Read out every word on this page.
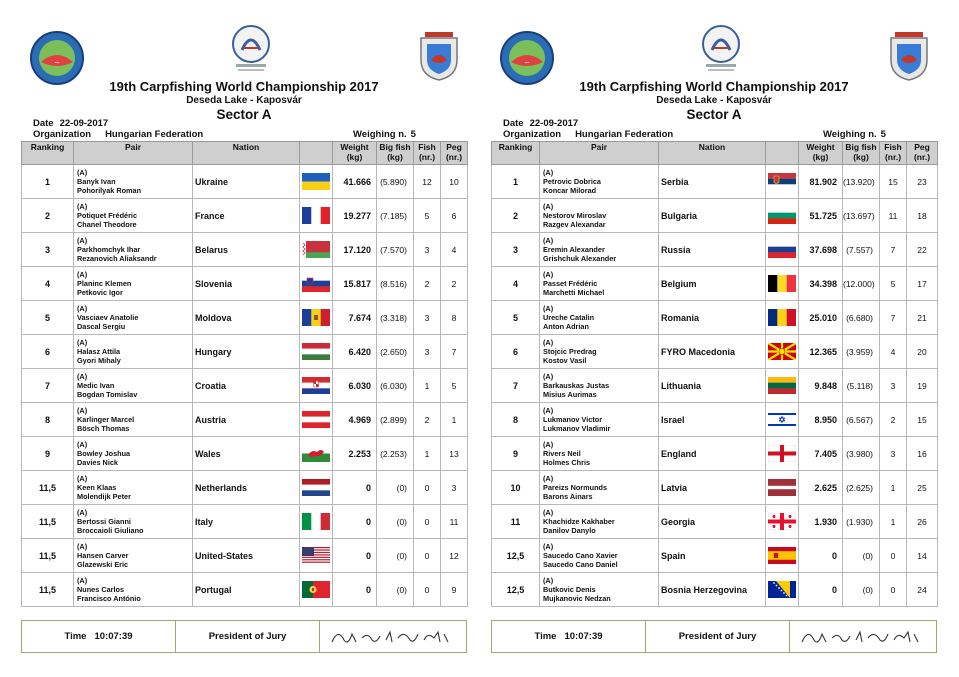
~
19th Carpfishing World Championship 2017
Deseda Lake - Kaposvár
Sector A
Date 22-09-2017
Organization Hungarian Federation	Weighing n. 5
Ranking	Pair	Nation		Weight (kg)	Big fish (kg)	Fish (nr.)	Peg (nr.)
1	(A)
Banyk Ivan
Pohorilyak Roman	Ukraine		41.666	(5.890)	12	10
2	(A)
Potiquet Frédéric
Chanel Theodore	France		19.277	(7.185)	5	6
3	(A)
Parkhomchyk Ihar
Rezanovich Aliaksandr	Belarus		17.120	(7.570)	3	4
4	(A)
Planinc Klemen
Petkovic Igor	Slovenia		15.817	(8.516)	2	2
5	(A)
Vasciaev Anatolie
Dascal Sergiu	Moldova		7.674	(3.318)	3	8
6	(A)
Halasz Attila
Gyori Mihaly	Hungary		6.420	(2.650)	3	7
7	(A)
Medic Ivan
Bogdan Tomislav	Croatia		6.030	(6.030)	1	5
8	(A)
Karlinger Marcel
Bösch Thomas	Austria		4.969	(2.899)	2	1
9	(A)
Bowley Joshua
Davies Nick	Wales		2.253	(2.253)	1	13
11,5	(A)
Keen Klaas
Molendijk Peter	Netherlands		0	(0)	0	3
11,5	(A)
Bertossi Gianni
Broccaioli Giuliano	Italy		0	(0)	0	11
11,5	(A)
Hansen Carver
Glazewski Eric	United-States		0	(0)	0	12
11,5	(A)
Nunes Carlos
Francisco António	Portugal		0	(0)	0	9
Time 10:07:39	President of Jury
~
19th Carpfishing World Championship 2017
Deseda Lake - Kaposvár
Sector A
Date 22-09-2017
Organization Hungarian Federation	Weighing n. 5
Ranking	Pair	Nation		Weight (kg)	Big fish (kg)	Fish (nr.)	Peg (nr.)
1	(A)
Petrovic Dobrica
Koncar Milorad	Serbia		81.902	(13.920)	15	23
2	(A)
Nestorov Miroslav
Razgev Alexandar	Bulgaria		51.725	(13.697)	11	18
3	(A)
Eremin Alexander
Grishchuk Alexander	Russia		37.698	(7.557)	7	22
4	(A)
Passet Frédéric
Marchetti Michael	Belgium		34.398	(12.000)	5	17
5	(A)
Ureche Catalin
Anton Adrian	Romania		25.010	(6.680)	7	21
6	(A)
Stojcic Predrag
Kostov Vasil	FYRO Macedonia		12.365	(3.959)	4	20
7	(A)
Barkauskas Justas
Misius Aurimas	Lithuania		9.848	(5.118)	3	19
8	(A)
Lukmanov Victor
Lukmanov Vladimir	Israel		8.950	(6.567)	2	15
9	(A)
Rivers Neil
Holmes Chris	England		7.405	(3.980)	3	16
10	(A)
Pareizs Normunds
Barons Ainars	Latvia		2.625	(2.625)	1	25
11	(A)
Khachidze Kakhaber
Danilov Danylo	Georgia		1.930	(1.930)	1	26
12,5	(A)
Saucedo Cano Xavier
Saucedo Cano Daniel	Spain		0	(0)	0	14
12,5	(A)
Butkovic Denis
Mujkanovic Nedzan	Bosnia Herzegovina		0	(0)	0	24
Time 10:07:39	President of Jury
